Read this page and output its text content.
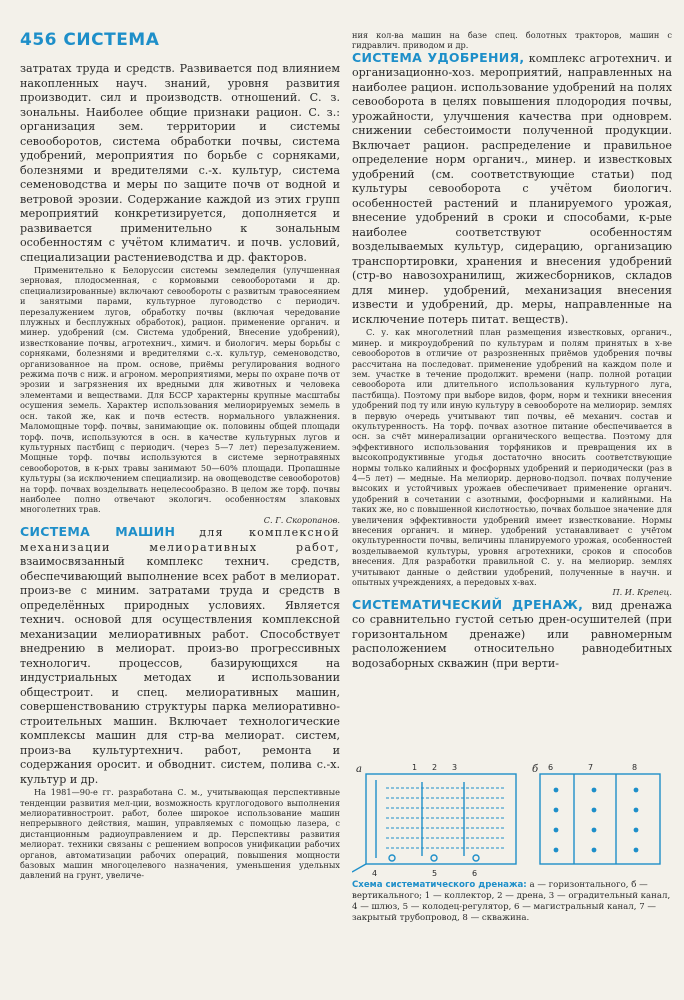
456 СИСТЕМА

затратах труда и средств. Развивается под влиянием накопленных науч. знаний, уровня развития производит. сил и производств. отношений. С. з. зональны. Наиболее общие признаки рацион. С. з.: организация зем. территории и системы севооборотов, система обработки почвы, система удобрений, мероприятия по борьбе с сорняками, болезнями и вредителями с.-х. культур, система семеноводства и меры по защите почв от водной и ветровой эрозии. Содержание каждой из этих групп мероприятий конкретизируется, дополняется и развивается применительно к зональным особенностям с учётом климатич. и почв. условий, специализации растениеводства и др. факторов.

Применительно к Белоруссии системы земледелия (улучшенная зерновая, плодосменная, с кормовыми севооборотами и др. специализированные) включают севообороты с развитым травосеянием и занятыми парами, культурное луговодство с периодич. перезалужением лугов, обработку почвы (включая чередование плужных и бесплужных обработок), рацион. применение органич. и минер. удобрений (см. Система удобрений, Внесение удобрений), известкование почвы, агротехнич., химич. и биологич. меры борьбы с сорняками, болезнями и вредителями с.-х. культур, семеноводство, организованное на пром. основе, приёмы регулирования водного режима почв с ниж. и агроном. мероприятиями, меры по охране почв от эрозии и загрязнения их вредными для животных и человека элементами и веществами. Для БССР характерны крупные масштабы осушения земель. Характер использования мелиорируемых земель в осн. такой же, как и почв естеств. нормального увлажнения. Маломощные торф. почвы, занимающие ок. половины общей площади торф. почв, используются в осн. в качестве культурных лугов и культурных пастбищ с периодич. (через 5—7 лет) перезалужением. Мощные торф. почвы используются в системе зернотравяных севооборотов, в к-рых травы занимают 50—60% площади. Пропашные культуры (за исключением специализир. на овощеводстве севооборотов) на торф. почвах возделывать нецелесообразно. В целом же торф. почвы наиболее полно отвечают экологич. особенностям злаковых многолетних трав.
С. Г. Скоропанов.

СИСТЕМА МАШИН для комплексной механизации мелиоративных работ, взаимосвязанный комплекс технич. средств, обеспечивающий выполнение всех работ в мелиорат. произ-ве с миним. затратами труда и средств в определённых природных условиях. Является технич. основой для осуществления комплексной механизации мелиоративных работ. Способствует внедрению в мелиорат. произ-во прогрессивных технологич. процессов, базирующихся на индустриальных методах и использовании общестроит. и спец. мелиоративных машин, совершенствованию структуры парка мелиоративно-строительных машин. Включает технологические комплексы машин для стр-ва мелиорат. систем, произ-ва культуртехнич. работ, ремонта и содержания оросит. и обводнит. систем, полива с.-х. культур и др.

На 1981—90-е гг. разработана С. м., учитывающая перспективные тенденции развития мел-ции, возможность круглогодового выполнения мелиоративностроит. работ, более широкое использование машин непрерывного действия, машин, управляемых с помощью лазера, с дистанционным радиоуправлением и др. Перспективы развития мелиорат. техники связаны с решением вопросов унификации рабочих органов, автоматизации рабочих операций, повышения мощности базовых машин многоцелевого назначения, уменьшения удельных давлений на грунт, увеличе-

ния кол-ва машин на базе спец. болотных тракторов, машин с гидравлич. приводом и др.

СИСТЕМА УДОБРЕНИЯ, комплекс агротехнич. и организационно-хоз. мероприятий, направленных на наиболее рацион. использование удобрений на полях севооборота в целях повышения плодородия почвы, урожайности, улучшения качества при одноврем. снижении себестоимости полученной продукции. Включает рацион. распределение и правильное определение норм органич., минер. и известковых удобрений (см. соответствующие статьи) под культуры севооборота с учётом биологич. особенностей растений и планируемого урожая, внесение удобрений в сроки и способами, к-рые наиболее соответствуют особенностям возделываемых культур, сидерацию, организацию транспортировки, хранения и внесения удобрений (стр-во навозохранилищ, жижесборников, складов для минер. удобрений, механизация внесения извести и удобрений, др. меры, направленные на исключение потерь питат. веществ).

С. у. как многолетний план размещения известковых, органич., минер. и микроудобрений по культурам и полям принятых в х-ве севооборотов в отличие от разрозненных приёмов удобрения почвы рассчитана на последоват. применение удобрений на каждом поле и зем. участке в течение продолжит. времени (напр. полной ротации севооборота или длительного использования культурного луга, пастбища). Поэтому при выборе видов, форм, норм и техники внесения удобрений под ту или иную культуру в севообороте на мелиорир. землях в первую очередь учитывают тип почвы, её механич. состав и окультуренность. На торф. почвах азотное питание обеспечивается в осн. за счёт минерализации органического вещества. Поэтому для эффективного использования торфяников и превращения их в высокопродуктивные угодья достаточно вносить соответствующие нормы только калийных и фосфорных удобрений и периодически (раз в 4—5 лет) — медные. На мелиорир. дерново-подзол. почвах получение высоких и устойчивых урожаев обеспечивает применение органич. удобрений в сочетании с азотными, фосфорными и калийными. На таких же, но с повышенной кислотностью, почвах большое значение для увеличения эффективности удобрений имеет известкование. Нормы внесения органич. и минер. удобрений устанавливает с учётом окультуренности почвы, величины планируемого урожая, особенностей возделываемой культуры, уровня агротехники, сроков и способов внесения. Для разработки правильной С. у. на мелиорир. землях учитывают данные о действии удобрений, полученные в научн. и опытных учреждениях, а передовых х-вах.
П. И. Крепец.

СИСТЕМАТИЧЕСКИЙ ДРЕНАЖ, вид дренажа со сравнительно густой сетью дрен-осушителей (при горизонтальном дренаже) или равномерным расположением относительно равнодебитных водозаборных скважин (при верти-

а	1 2 3
4	5	6
б 6	7	8
Схема систематического дренажа: а — горизонтального, б — вертикального; 1 — коллектор, 2 — дрена, 3 — оградительный канал, 4 — шлюз, 5 — колодец-регулятор, 6 — магистральный канал, 7 — закрытый трубопровод, 8 — скважина.
